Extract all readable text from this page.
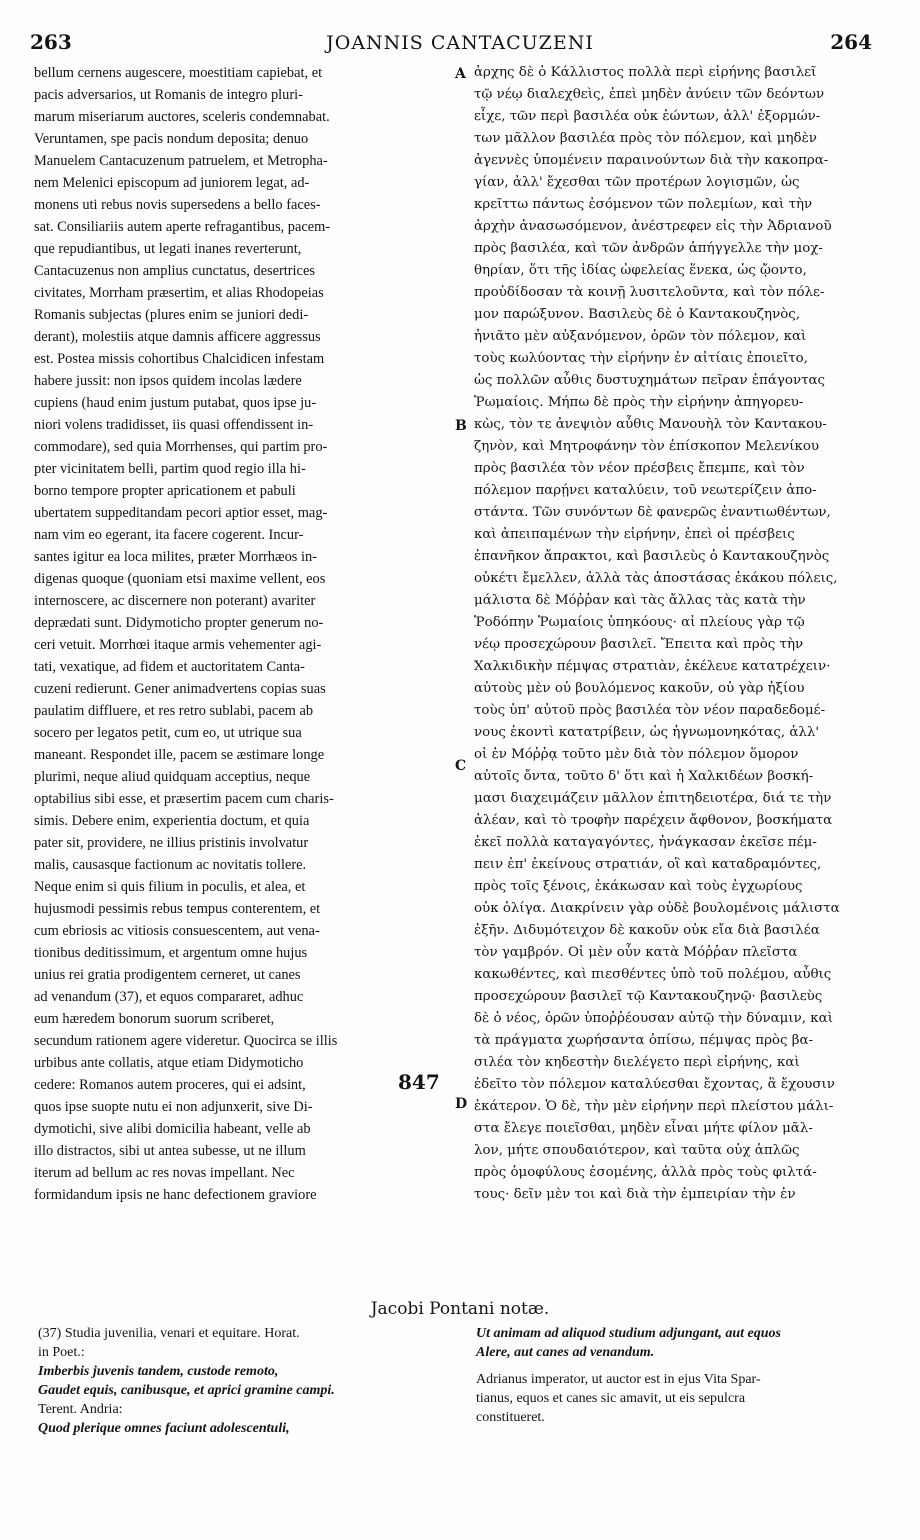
263	JOANNIS CANTACUZENI	264
bellum cernens augescere, moestitiam capiebat, et
pacis adversarios, ut Romanis de integro pluri-
marum miseriarum auctores, sceleris condemnabat.
Veruntamen, spe pacis nondum deposita; denuo
Manuelem Cantacuzenum patruelem, et Metropha-
nem Melenici episcopum ad juniorem legat, ad-
monens uti rebus novis supersedens a bello faces-
sat. Consiliariis autem aperte refragantibus, pacem-
que repudiantibus, ut legati inanes reverterunt,
Cantacuzenus non amplius cunctatus, desertrices
civitates, Morrham præsertim, et alias Rhodopeias
Romanis subjectas (plures enim se juniori dedi-
derant), molestiis atque damnis afficere aggressus
est. Postea missis cohortibus Chalcidicen infestam
habere jussit: non ipsos quidem incolas lædere
cupiens (haud enim justum putabat, quos ipse ju-
niori volens tradidisset, iis quasi offendissent in-
commodare), sed quia Morrhenses, qui partim pro-
pter vicinitatem belli, partim quod regio illa hi-
borno tempore propter apricationem et pabuli
ubertatem suppeditandam pecori aptior esset, mag-
nam vim eo egerant, ita facere cogerent. Incur-
santes igitur ea loca milites, præter Morrhæos in-
digenas quoque (quoniam etsi maxime vellent, eos
internoscere, ac discernere non poterant) avariter
deprædati sunt. Didymoticho propter generum no-
ceri vetuit. Morrhœi itaque armis vehementer agi-
tati, vexatique, ad fidem et auctoritatem Canta-
cuzeni redierunt. Gener animadvertens copias suas
paulatim diffluere, et res retro sublabi, pacem ab
socero per legatos petit, cum eo, ut utrique sua
maneant. Respondet ille, pacem se æstimare longe
plurimi, neque aliud quidquam acceptius, neque
optabilius sibi esse, et præsertim pacem cum charis-
simis. Debere enim, experientia doctum, et quia
pater sit, providere, ne illius pristinis involvatur
malis, causasque factionum ac novitatis tollere.
Neque enim si quis filium in poculis, et alea, et
hujusmodi pessimis rebus tempus conterentem, et
cum ebriosis ac vitiosis consuescentem, aut vena-
tionibus deditissimum, et argentum omne hujus
unius rei gratia prodigentem cerneret, ut canes
ad venandum (37), et equos compararet, adhuc
eum hæredem bonorum suorum scriberet,
secundum rationem agere videretur. Quocirca se illis
urbibus ante collatis, atque etiam Didymoticho
cedere: Romanos autem proceres, qui ei adsint,
quos ipse suopte nutu ei non adjunxerit, sive Di-
dymotichi, sive alibi domicilia habeant, velle ab
illo distractos, sibi ut antea subesse, ut ne illum
iterum ad bellum ac res novas impellant. Nec
formidandum ipsis ne hanc defectionem graviore
ἀρχης δὲ ὁ Κάλλιστος πολλὰ περὶ εἰρήνης βασιλεῖ
τῷ νέῳ διαλεχθεὶς, ἐπεὶ μηδὲν ἀνύειν τῶν δεόντων
εἶχε, τῶν περὶ βασιλέα οὐκ ἐώντων, ἀλλ' ἐξορμών-
των μᾶλλον βασιλέα πρὸς τὸν πόλεμον, καὶ μηδὲν
ἀγεννὲς ὑπομένειν παραινούντων διὰ τὴν κακοπρα-
γίαν, ἀλλ' ἔχεσθαι τῶν προτέρων λογισμῶν, ὡς
κρεῖττω πάντως ἐσόμενον τῶν πολεμίων, καὶ τὴν
ἀρχὴν ἀνασωσόμενον, ἀνέστρεφεν εἰς τὴν Ἀδριανοῦ
πρὸς βασιλέα, καὶ τῶν ἀνδρῶν ἀπήγγελλε τὴν μοχ-
θηρίαν, ὅτι τῆς ἰδίας ὠφελείας ἕνεκα, ὡς ᾤοντο,
προὐδίδοσαν τὰ κοινῇ λυσιτελοῦντα, καὶ τὸν πόλε-
μον παρώξυνον. Βασιλεὺς δὲ ὁ Καντακουζηνὸς,
ἠνιᾶτο μὲν αὐξανόμενον, ὁρῶν τὸν πόλεμον, καὶ
τοὺς κωλύοντας τὴν εἰρήνην ἐν αἰτίαις ἐποιεῖτο,
ὡς πολλῶν αὖθις δυστυχημάτων πεῖραν ἐπάγοντας
Ῥωμαίοις. Μήπω δὲ πρὸς τὴν εἰρήνην ἀπηγορευ-
κὼς, τὸν τε ἀνεψιὸν αὖθις Μανουὴλ τὸν Καντακου-
ζηνὸν, καὶ Μητροφάνην τὸν ἐπίσκοπον Μελενίκου
πρὸς βασιλέα τὸν νέον πρέσβεις ἔπεμπε, καὶ τὸν
πόλεμον παρῄνει καταλύειν, τοῦ νεωτερίζειν ἀπο-
στάντα. Τῶν συνόντων δὲ φανερῶς ἐναντιωθέντων,
καὶ ἀπειπαμένων τὴν εἰρήνην, ἐπεὶ οἱ πρέσβεις
ἐπανῆκον ἄπρακτοι, καὶ βασιλεὺς ὁ Καντακουζηνὸς
οὐκέτι ἔμελλεν, ἀλλὰ τὰς ἀποστάσας ἐκάκου πόλεις,
μάλιστα δὲ Μόῤῥαν καὶ τὰς ἄλλας τὰς κατὰ τὴν
Ῥοδόπην Ῥωμαίοις ὑπηκόους· αἱ πλείους γὰρ τῷ
νέῳ προσεχώρουν βασιλεῖ. Ἔπειτα καὶ πρὸς τὴν
Χαλκιδικὴν πέμψας στρατιὰν, ἐκέλευε κατατρέχειν·
αὐτοὺς μὲν οὐ βουλόμενος κακοῦν, οὐ γὰρ ἠξίου
τοὺς ὑπ' αὐτοῦ πρὸς βασιλέα τὸν νέον παραδεδομέ-
νους ἑκοντὶ κατατρίβειν, ὡς ἠγνωμονηκότας, ἀλλ'
οἱ ἐν Μόῤῥᾳ τοῦτο μὲν διὰ τὸν πόλεμον ὅμορον
αὐτοῖς ὄντα, τοῦτο δ' ὅτι καὶ ἡ Χαλκιδέων βοσκή-
μασι διαχειμάζειν μᾶλλον ἐπιτηδειοτέρα, διά τε τὴν
ἀλέαν, καὶ τὸ τροφὴν παρέχειν ἄφθονον, βοσκήματα
ἐκεῖ πολλὰ καταγαγόντες, ἠνάγκασαν ἐκεῖσε πέμ-
πειν ἐπ' ἐκείνους στρατιάν, οἳ καὶ καταδραμόντες,
πρὸς τοῖς ξένοις, ἐκάκωσαν καὶ τοὺς ἐγχωρίους
οὐκ ὀλίγα. Διακρίνειν γὰρ οὐδὲ βουλομένοις μάλιστα
ἐξῆν. Διδυμότειχον δὲ κακοῦν οὐκ εἴα διὰ βασιλέα
τὸν γαμβρόν. Οἱ μὲν οὖν κατὰ Μόῤῥαν πλεῖστα
κακωθέντες, καὶ πιεσθέντες ὑπὸ τοῦ πολέμου, αὖθις
προσεχώρουν βασιλεῖ τῷ Καντακουζηνῷ· βασιλεὺς
δὲ ὁ νέος, ὁρῶν ὑποῤῥέουσαν αὐτῷ τὴν δύναμιν, καὶ
τὰ πράγματα χωρήσαντα ὀπίσω, πέμψας πρὸς βα-
σιλέα τὸν κηδεστὴν διελέγετο περὶ εἰρήνης, καὶ
ἐδεῖτο τὸν πόλεμον καταλύεσθαι ἔχοντας, ἃ ἔχουσιν
ἑκάτερον. Ὁ δὲ, τὴν μὲν εἰρήνην περὶ πλείστου μάλι-
στα ἔλεγε ποιεῖσθαι, μηδὲν εἶναι μήτε φίλον μᾶλ-
λον, μήτε σπουδαιότερον, καὶ ταῦτα οὐχ ἁπλῶς
πρὸς ὁμοφύλους ἐσομένης, ἀλλὰ πρὸς τοὺς φιλτά-
τους· δεῖν μὲν τοι καὶ διὰ τὴν ἐμπειρίαν τὴν ἐν
A
B
C
D
847
Jacobi Pontani notæ.
(37) Studia juvenilia, venari et equitare. Horat.
in Poet.:
Imberbis juvenis tandem, custode remoto,
Gaudet equis, canibusque, et aprici gramine campi.
Terent. Andria:
Quod plerique omnes faciunt adolescentuli,
Ut animam ad aliquod studium adjungant, aut equos
Alere, aut canes ad venandum.
Adrianus imperator, ut auctor est in ejus Vita Spar-
tianus, equos et canes sic amavit, ut eis sepulcra
constitueret.
